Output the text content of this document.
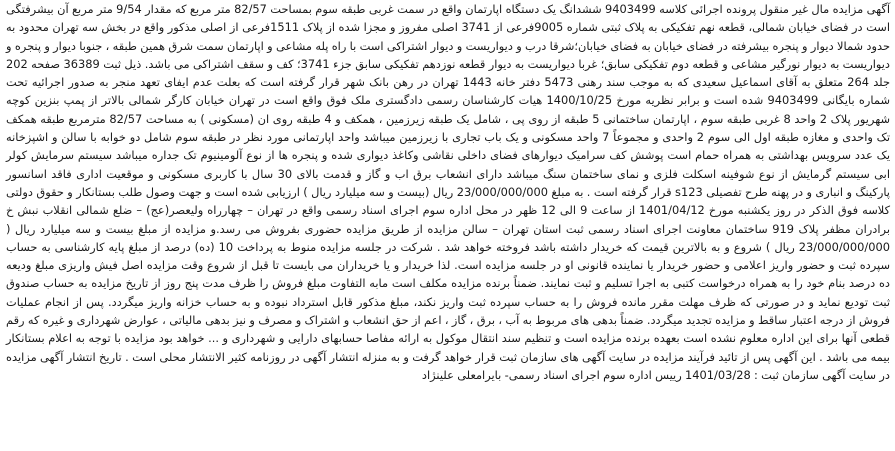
آگهی مزایده مال غیر منقول پرونده اجرائی کلاسه 9403499 ششدانگ یک دستگاه اپارتمان واقع در سمت غربی طبقه سوم بمساحت 82/57 متر مربع که مقدار 9/54 متر مربع آن بیشرفتگی است در فضای خیابان شمالی، قطعه نهم تفکیکی به پلاک ثبتی شماره 9005فرعی از 3741 اصلی مفروز و مجزا شده از پلاک 1511فرعی از اصلی مذکور واقع در بخش سه تهران محدود به حدود شمالا دیوار و پنجره بیشرفته در فضای خیابان به فضای خیابان؛شرقا درب و دیواریست و دیوار اشتراکی است با راه پله مشاعی و اپارتمان سمت شرق همین طبقه ، جنوبا دیوار و پنجره و دیواریست به دیوار نورگیر مشاعی و قطعه دوم تفکیکی سابق؛ غربا دیواریست به دیوار قطعه نوزدهم تفکیکی سابق جزء 3741؛ کف و سقف اشتراکی می باشد. ذیل ثبت 36389 صفحه 202 جلد 264 متعلق به آقای اسماعیل سعیدی که به موجب سند رهنی 5473 دفتر خانه 1443 تهران در رهن بانک شهر قرار گرفته است که بعلت عدم ایفای تعهد منجر به صدور اجرائیه تحت شماره بایگانی 9403499 شده است و برابر نظریه مورخ 1400/10/25 هیات کارشناسان رسمی دادگستری ملک فوق واقع است در تهران خیابان کارگر شمالی بالاتر از پمپ بنزین کوچه شهریور پلاک 2 واحد 8 غربی طبقه سوم ، اپارتمان ساختمانی 5 طبقه از روی پی ، شامل یک طبقه زیرزمین ، همکف و 4 طبقه روی ان (مسکونی ) به مساحت 82/57 مترمربع طبقه همکف تک واحدی و مغازه طبقه اول الی سوم 2 واحدی و مجموعاً 7 واحد مسکونی و یک باب تجاری با زیرزمین میباشد واحد اپارتمانی مورد نظر در طبقه سوم شامل دو خوابه با سالن و اشپزخانه یک عدد سرویس بهداشتی به همراه حمام است پوشش کف سرامیک دیوارهای فضای داخلی نقاشی وکاغذ دیواری شده و پنجره ها از نوع آلومینیوم تک جداره میباشد سیستم سرمایش کولر ابی سیستم گرمایش از نوع شوفینه اسکلت فلزی و نمای ساختمان سنگ میباشد دارای انشعاب برق اب و گاز و قدمت بالای 30 سال با کاربری مسکونی و موقعیت اداری فاقد اسانسور پارکینگ و انباری و در پهنه طرح تفصیلی s123 قرار گرفته است . به مبلغ 23/000/000/000 ریال (بیست و سه میلیارد ریال ) ارزیابی شده است و جهت وصول طلب بستانکار و حقوق دولتی کلاسه فوق الذکر در روز یکشنبه مورخ 1401/04/12 از ساعت 9 الی 12 ظهر در محل اداره سوم اجرای اسناد رسمی واقع در تهران – چهارراه ولیعصر(عج) – ضلع شمالی انقلاب نبش خ برادران مظفر پلاک 919 ساختمان معاونت اجرای اسناد رسمی ثبت استان تهران – سالن مزایده از طریق مزایده حضوری بفروش می رسد.و مزایده از مبلغ بیست و سه میلیارد ریال ( 23/000/000/000 ریال ) شروع و به بالاترین قیمت که خریدار داشته باشد فروخته خواهد شد . شرکت در جلسه مزایده منوط به پرداخت 10 (ده) درصد از مبلغ پایه کارشناسی به حساب سپرده ثبت و حضور واریز اعلامی و حضور خریدار یا نماینده قانونی او در جلسه مزایده است. لذا خریدار و یا خریداران می بایست تا قبل از شروع وقت مزایده اصل فیش واریزی مبلغ ودیعه ده درصد بنام خود را به همراه درخواست کتبی به اجرا تسلیم و ثبت نمایند. ضمناً برنده مزایده مکلف است مابه التفاوت مبلغ فروش را ظرف مدت پنج روز از تاریخ مزایده به حساب صندوق ثبت تودیع نماید و در صورتی که ظرف مهلت مقرر مانده فروش را به حساب سپرده ثبت واریز نکند، مبلغ مذکور قابل استرداد نبوده و به حساب خزانه واریز میگردد. پس از انجام عملیات فروش از درجه اعتبار ساقط و مزایده تجدید میگردد. ضمناً بدهی های مربوط به آب ، برق ، گاز ، اعم از حق انشعاب و اشتراک و مصرف و نیز بدهی مالیاتی ، عوارض شهرداری و غیره که رقم قطعی آنها برای این اداره معلوم نشده است بعهده برنده مزایده است و تنظیم سند انتقال موکول به ارائه مفاصا حسابهای دارایی و شهرداری و ... خواهد بود مزایده با توجه به اعلام بستانکار بیمه می باشد . این آگهی پس از تائید فرآیند مزایده در سایت آگهی های سازمان ثبت قرار خواهد گرفت و به منزله انتشار آگهی در روزنامه کثیر الانتشار محلی است . تاریخ انتشار آگهی مزایده در سایت آگهی سازمان ثبت : 1401/03/28 رییس اداره سوم اجرای اسناد رسمی- بایرامعلی علینژاد
